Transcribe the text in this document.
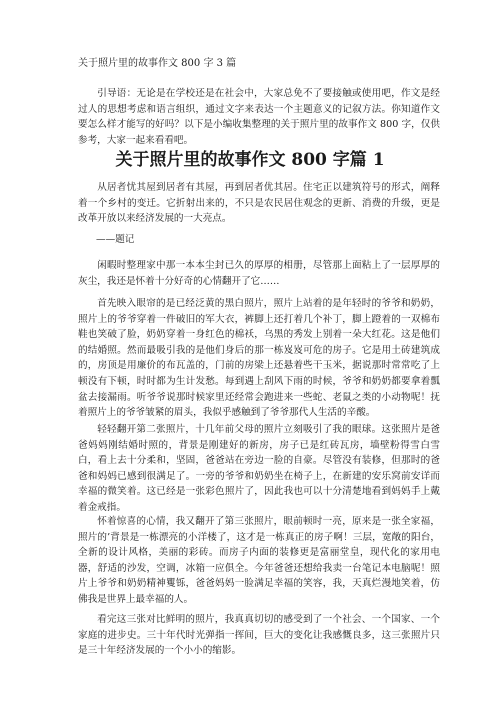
关于照片里的故事作文 800 字 3 篇

引导语：无论是在学校还是在社会中，大家总免不了要接触或使用吧，作文是经过人的思想考虑和语言组织，通过文字来表达一个主题意义的记叙方法。你知道作文要怎么样才能写的好吗？以下是小编收集整理的关于照片里的故事作文 800 字，仅供参考，大家一起来看看吧。

关于照片里的故事作文 800 字篇 1

从居者忧其屋到居者有其屋，再到居者优其居。住宅正以建筑符号的形式，阐释着一个乡村的变迁。它折射出来的，不只是农民居住观念的更新、消费的升级，更是改革开放以来经济发展的一大亮点。

——题记

闲暇时整理家中那一本本尘封已久的厚厚的相册，尽管那上面粘上了一层厚厚的灰尘，我还是怀着十分好奇的心情翻开了它……

首先映入眼帘的是已经泛黄的黑白照片，照片上站着的是年轻时的爷爷和奶奶，照片上的爷爷穿着一件破旧的军大衣，裤脚上还打着几个补丁，脚上蹬着的一双棉布鞋也笑破了脸，奶奶穿着一身红色的棉袄，乌黑的秀发上别着一朵大红花。这是他们的结婚照。然而最吸引我的是他们身后的那一栋岌岌可危的房子。它是用土砖建筑成的，房顶是用廉价的布瓦盖的，门前的房梁上还悬着些干玉米，据说那时常常吃了上顿没有下顿，时时都为生计发愁。每到遇上刮风下雨的时候，爷爷和奶奶都要拿着瓢盆去接漏雨。听爷爷说那时候家里还经常会跑进来一些蛇、老鼠之类的小动物呢！抚着照片上的爷爷皱紧的眉头，我似乎感触到了爷爷那代人生活的辛酸。

轻轻翻开第二张照片，十几年前父母的照片立刻吸引了我的眼球。这张照片是爸爸妈妈刚结婚时照的，背景是刚建好的新房，房子已是红砖瓦房，墙壁粉得雪白雪白，看上去十分柔和，坚固，爸爸站在旁边一脸的自豪。尽管没有装修，但那时的爸爸和妈妈已感到很满足了。一旁的爷爷和奶奶坐在椅子上，在新建的安乐窝前安详而幸福的微笑着。这已经是一张彩色照片了，因此我也可以十分清楚地看到妈妈手上戴着金戒指。

怀着惊喜的心情，我又翻开了第三张照片，眼前顿时一亮，原来是一张全家福，照片的’背景是一栋漂亮的小洋楼了，这才是一栋真正的房子啊！三层，宽敞的阳台，全新的设计风格，美丽的彩砖。而房子内面的装修更是富丽堂皇，现代化的家用电器，舒适的沙发，空调，冰箱一应俱全。今年爸爸还想给我卖一台笔记本电脑呢！照片上爷爷和奶奶精神矍铄，爸爸妈妈一脸满足幸福的笑容，我，天真烂漫地笑着，仿佛我是世界上最幸福的人。

看完这三张对比鲜明的照片，我真真切切的感受到了一个社会、一个国家、一个家庭的进步史。三十年代时光弹指一挥间，巨大的变化让我感慨良多，这三张照片只是三十年经济发展的一个小小的缩影。
